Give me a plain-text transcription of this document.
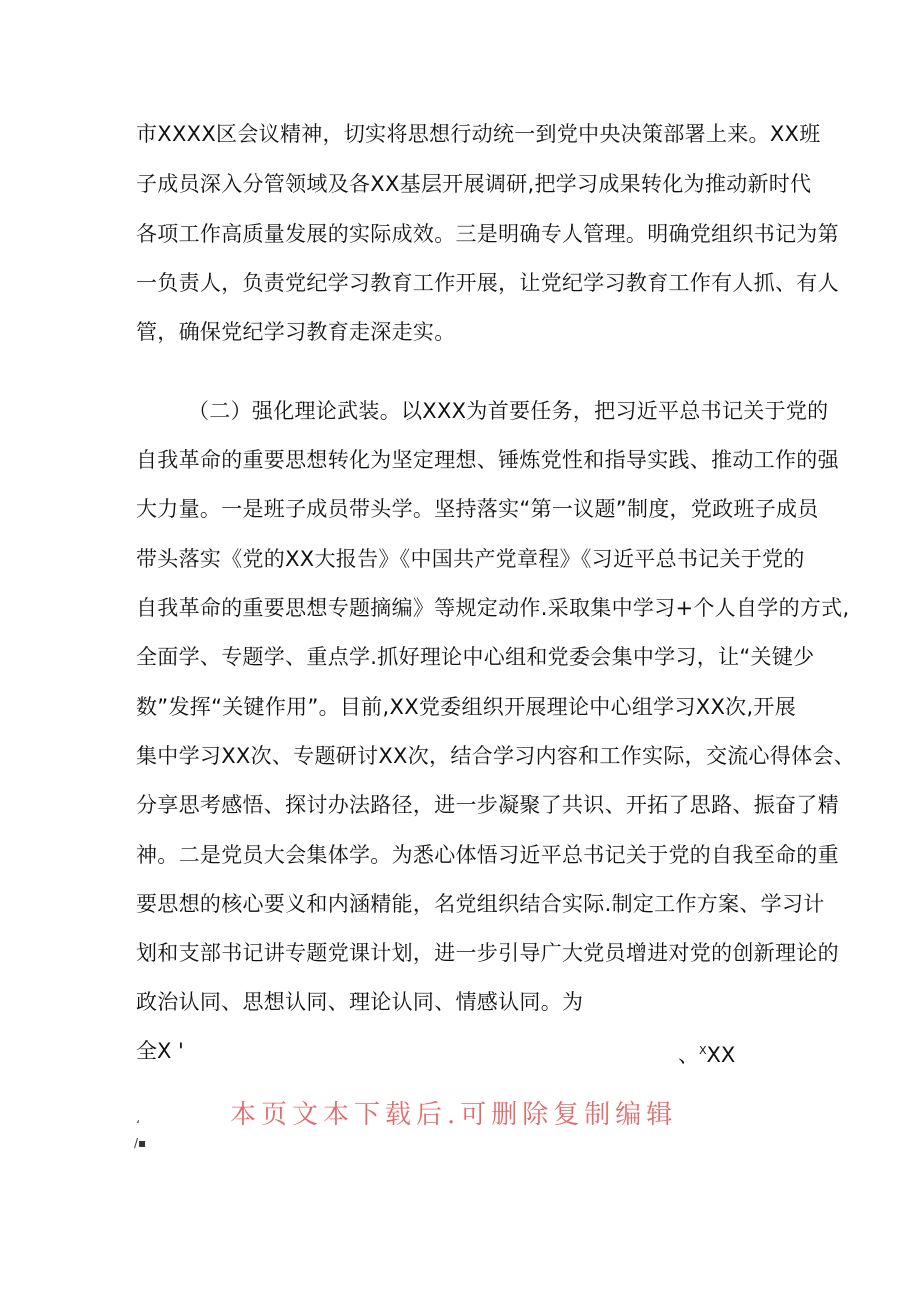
市XXXX区会议精神，切实将思想行动统一到党中央决策部署上来。XX班
子成员深入分管领域及各XX基层开展调研,把学习成果转化为推动新时代
各项工作高质量发展的实际成效。三是明确专人管理。明确党组织书记为第
一负责人，负责党纪学习教育工作开展，让党纪学习教育工作有人抓、有人
管，确保党纪学习教育走深走实。
（二）强化理论武装。以XXX为首要任务，把习近平总书记关于党的
自我革命的重要思想转化为坚定理想、锤炼党性和指导实践、推动工作的强
大力量。一是班子成员带头学。坚持落实“第一议题”制度，党政班子成员
带头落实《党的XX大报告》《中国共产党章程》《习近平总书记关于党的
自我革命的重要思想专题摘编》等规定动作.采取集中学习+个人自学的方式,
全面学、专题学、重点学.抓好理论中心组和党委会集中学习，让“关键少
数”发挥“关键作用”。目前,XX党委组织开展理论中心组学习XX次,开展
集中学习XX次、专题研讨XX次，结合学习内容和工作实际，交流心得体会、
分享思考感悟、探讨办法路径，进一步凝聚了共识、开拓了思路、振奋了精
神。二是党员大会集体学。为悉心体悟习近平总书记关于党的自我至命的重
要思想的核心要义和内涵精能，名党组织结合实际.制定工作方案、学习计
划和支部书记讲专题党课计划，进一步引导广大党员增进对党的创新理论的
政治认同、思想认同、理论认同、情感认同。为
全X '	、$^X$XX
،
/▪
本页文本下载后.可删除复制编辑
